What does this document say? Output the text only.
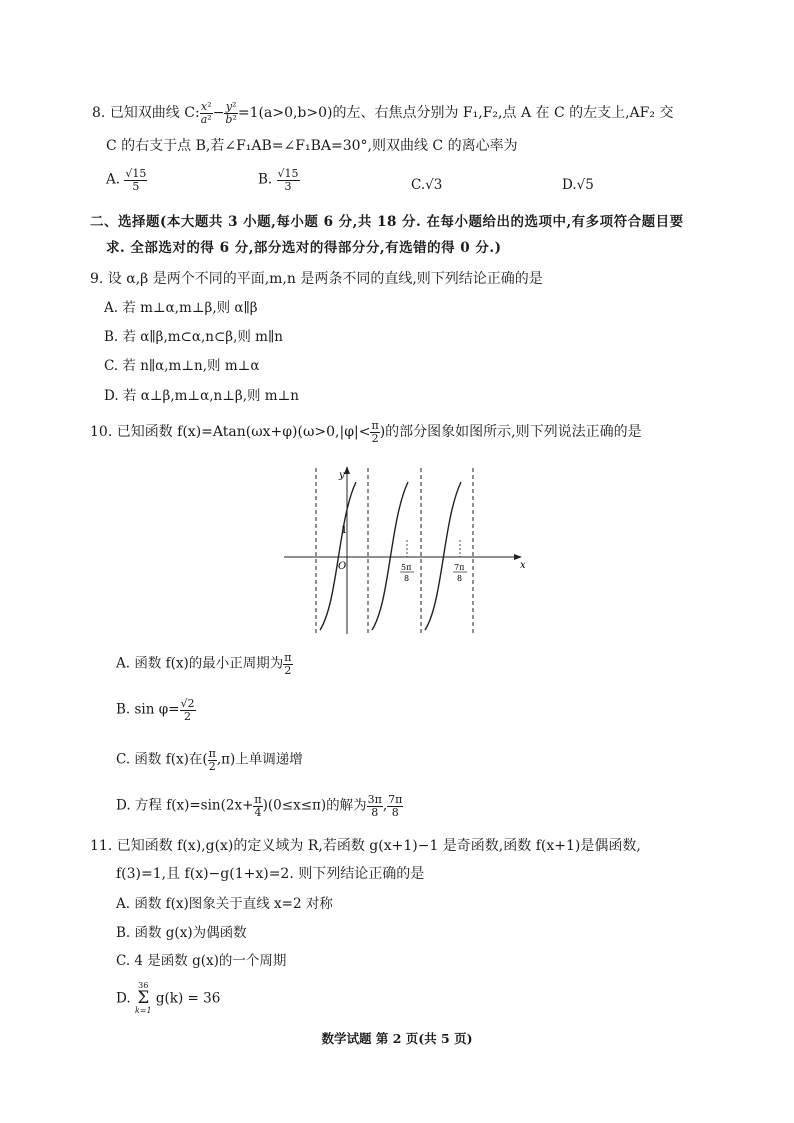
8. 已知双曲线 C: $\frac{\text{x²}}{\text{a²}} - \frac{\text{y²}}{\text{b²}} =1(a>0,b>0)$的左、右焦点分别为 F₁,F₂,点 A 在 C 的左支上,AF₂ 交
C 的右支于点 B,若∠F₁AB=∠F₁BA=30°,则双曲线 C 的离心率为
A. $\frac{√15}{5}$	B. $\frac{√15}{3}$	C.√3	D.√5
二、选择题(本大题共 3 小题,每小题 6 分,共 18 分. 在每小题给出的选项中,有多项符合题目要
求. 全部选对的得 6 分,部分选对的得部分分,有选错的得 0 分.)
9. 设 α,β 是两个不同的平面,m,n 是两条不同的直线,则下列结论正确的是
A. 若 m⊥α,m⊥β,则 α∥β
B. 若 α∥β,m⊂α,n⊂β,则 m∥n
C. 若 n∥α,m⊥n,则 m⊥α
D. 若 α⊥β,m⊥α,n⊥β,则 m⊥n
10. 已知函数 $f(x)=Atan(\omega x+\varphi)(\omega>0,|\varphi|< \frac{\pi}{2}$ )的部分图象如图所示,则下列说法正确的是
y
x
O
1
5π
8
7π
8
A. 函数 f(x)的最小正周期为 $\frac{\pi}{2}$
B. $\sin \varphi= \frac{√2}{2}$
C. 函数 f(x)在( $\frac{\pi}{2} ,\pi$)上单调递增
D. 方程 $f(x)=\sin(2x+ \frac{\pi}{4} )(0\le x\le\pi)$的解为 $\frac{3\pi}{8}$ , $\frac{7\pi}{8}$
11. 已知函数 f(x),g(x)的定义域为 R,若函数 g(x+1)−1 是奇函数,函数 f(x+1)是偶函数,
f(3)=1,且 f(x)−g(1+x)=2. 则下列结论正确的是
A. 函数 f(x)图象关于直线 x=2 对称
B. 函数 g(x)为偶函数
C. 4 是函数 g(x)的一个周期
D.
36
Σ
k=1
g(k) = 36
数学试题 第 2 页(共 5 页)
